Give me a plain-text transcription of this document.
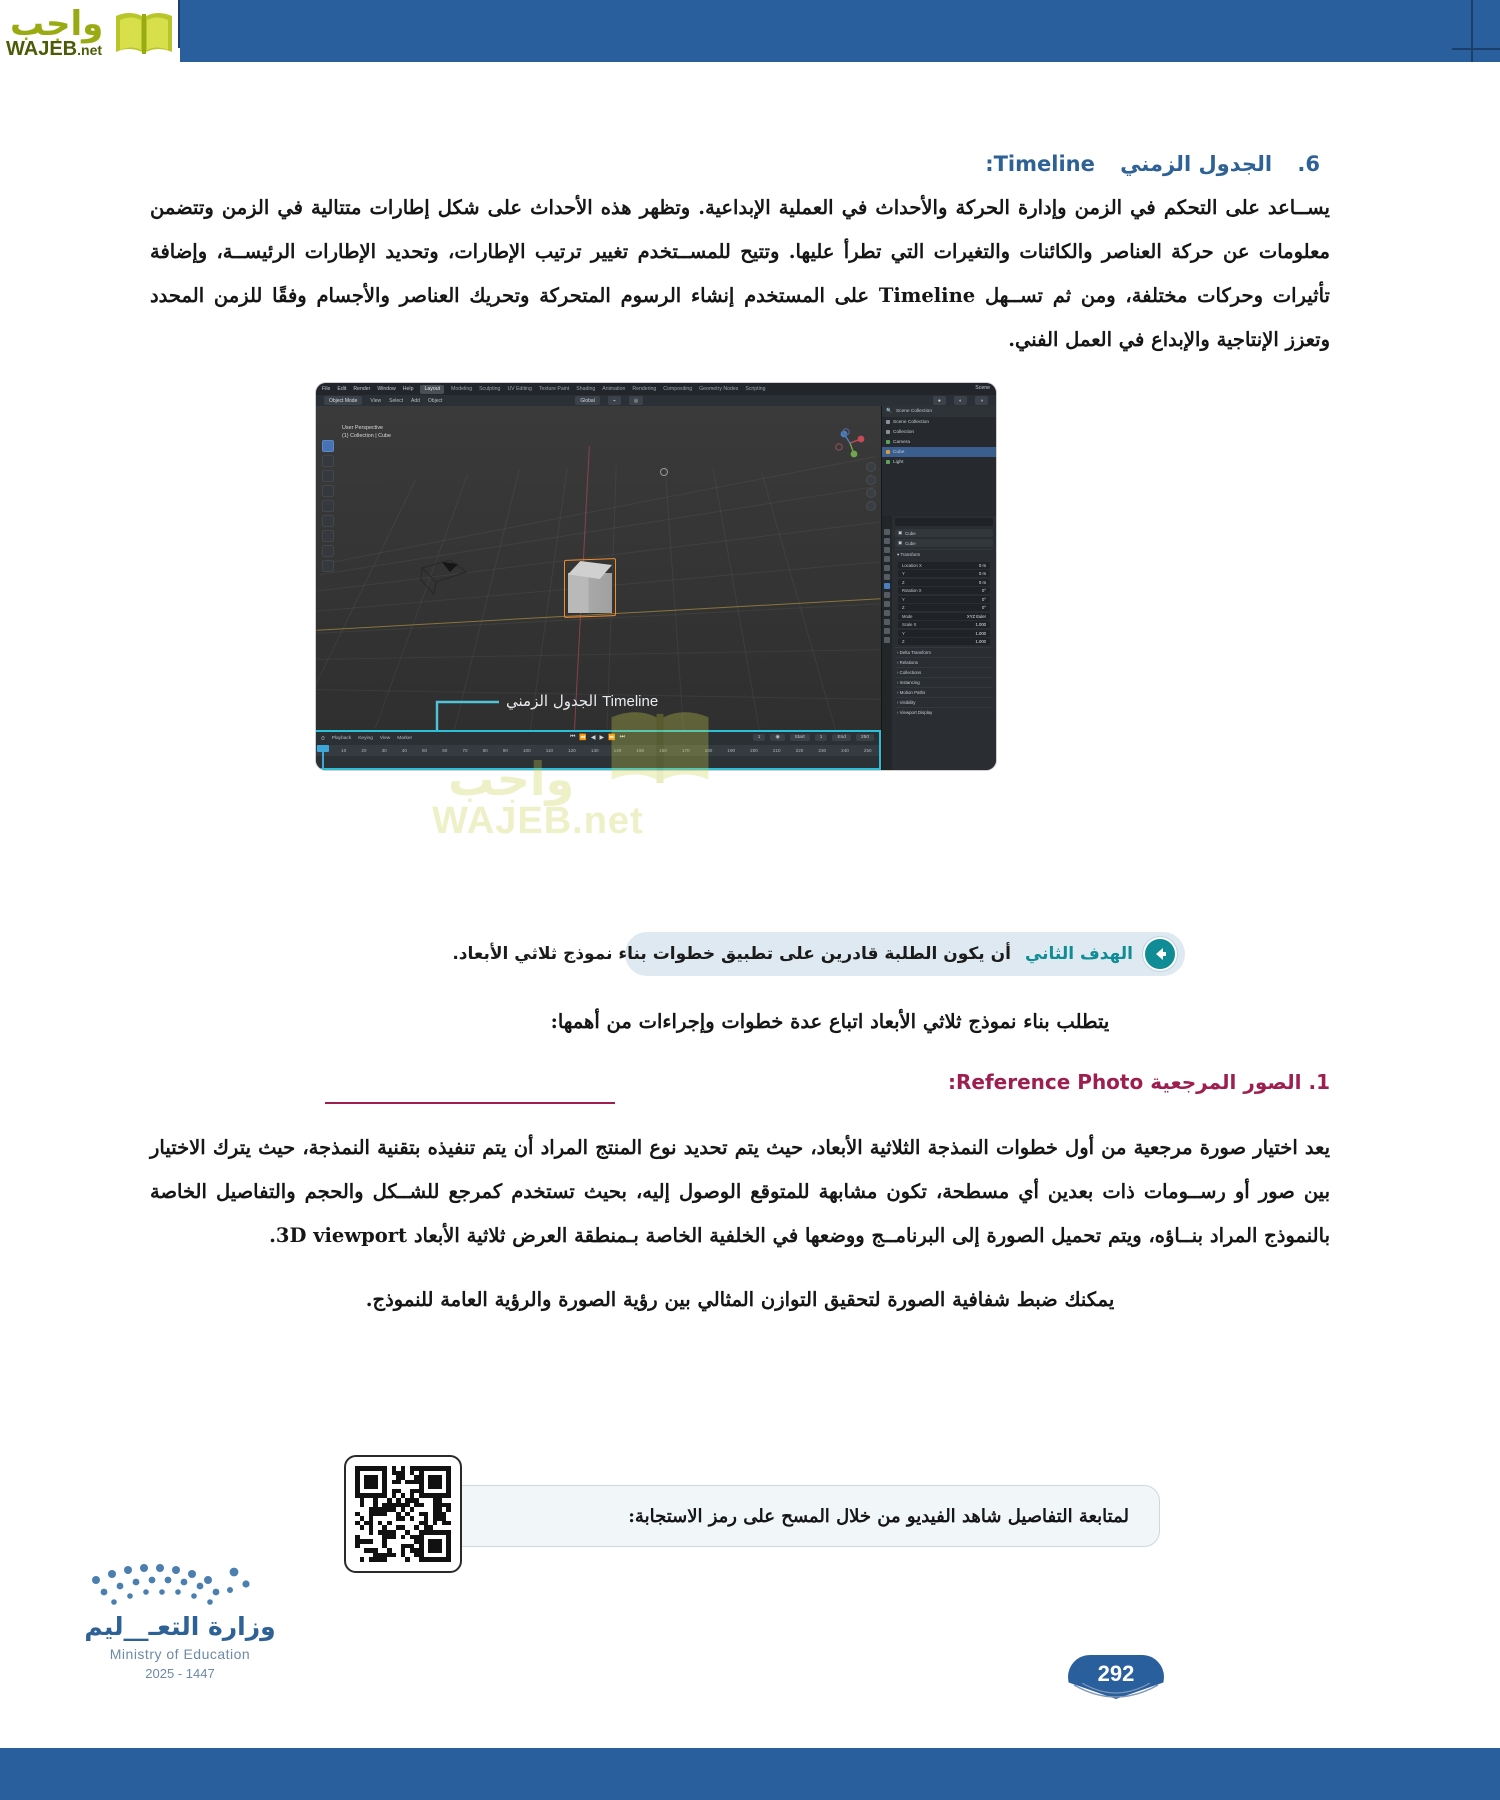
واجب
WAJEB.net
6. الجدول الزمني Timeline:

يســاعد على التحكم في الزمن وإدارة الحركة والأحداث في العملية الإبداعية. وتظهر هذه الأحداث على شكل إطارات متتالية في الزمن وتتضمن معلومات عن حركة العناصر والكائنات والتغيرات التي تطرأ عليها. وتتيح للمســتخدم تغيير ترتيب الإطارات، وتحديد الإطارات الرئيســة، وإضافة تأثيرات وحركات مختلفة، ومن ثم تســهل Timeline على المستخدم إنشاء الرسوم المتحركة وتحريك العناصر والأجسام وفقًا للزمن المحدد وتعزز الإنتاجية والإبداع في العمل الفني.

File Edit Render Window Help	Layout	Modeling Sculpting UV Editing Texture Paint Shading Animation Rendering Compositing Geometry Nodes Scripting	Scene
Object Mode	View Select Add Object	Global	⌁	◎	●	◐	◑
User Perspective
(1) Collection | Cube
Timeline الجدول الزمني
⏱ Playback Keying View Marker	⏮ ⏪ ◀ ▶ ⏩ ⏭	1	◉	Start	1	End	250
10	20	30	40	50	60	70	80	90	100	110	120	130	140	150	160	170	180	190	200	210	220	230	240	250
🔍 Scene Collection
Scene Collection
Collection
Camera
Cube
Light
▣ Cube
▣ Cube
▾ Transform
Location X	0 m
Y	0 m
Z	0 m
Rotation X	0°
Y	0°
Z	0°
Mode	XYZ Euler
Scale X	1.000
Y	1.000
Z	1.000
› Delta Transform
› Relations
› Collections
› Instancing
› Motion Paths
› Visibility
› Viewport Display
واجب
WAJEB.net
الهدف الثاني
أن يكون الطلبة قادرين على تطبيق خطوات بناء نموذج ثلاثي الأبعاد.

يتطلب بناء نموذج ثلاثي الأبعاد اتباع عدة خطوات وإجراءات من أهمها:

1. الصور المرجعية Reference Photo:

يعد اختيار صورة مرجعية من أول خطوات النمذجة الثلاثية الأبعاد، حيث يتم تحديد نوع المنتج المراد أن يتم تنفيذه بتقنية النمذجة، حيث يترك الاختيار بين صور أو رســومات ذات بعدين أي مسطحة، تكون مشابهة للمتوقع الوصول إليه، بحيث تستخدم كمرجع للشــكل والحجم والتفاصيل الخاصة بالنموذج المراد بنــاؤه، ويتم تحميل الصورة إلى البرنامــج ووضعها في الخلفية الخاصة بـمنطقة العرض ثلاثية الأبعاد 3D viewport.

يمكنك ضبط شفافية الصورة لتحقيق التوازن المثالي بين رؤية الصورة والرؤية العامة للنموذج.

لمتابعة التفاصيل شاهد الفيديو من خلال المسح على رمز الاستجابة:
وزارة التعـ__ليم
Ministry of Education
2025 - 1447	292
